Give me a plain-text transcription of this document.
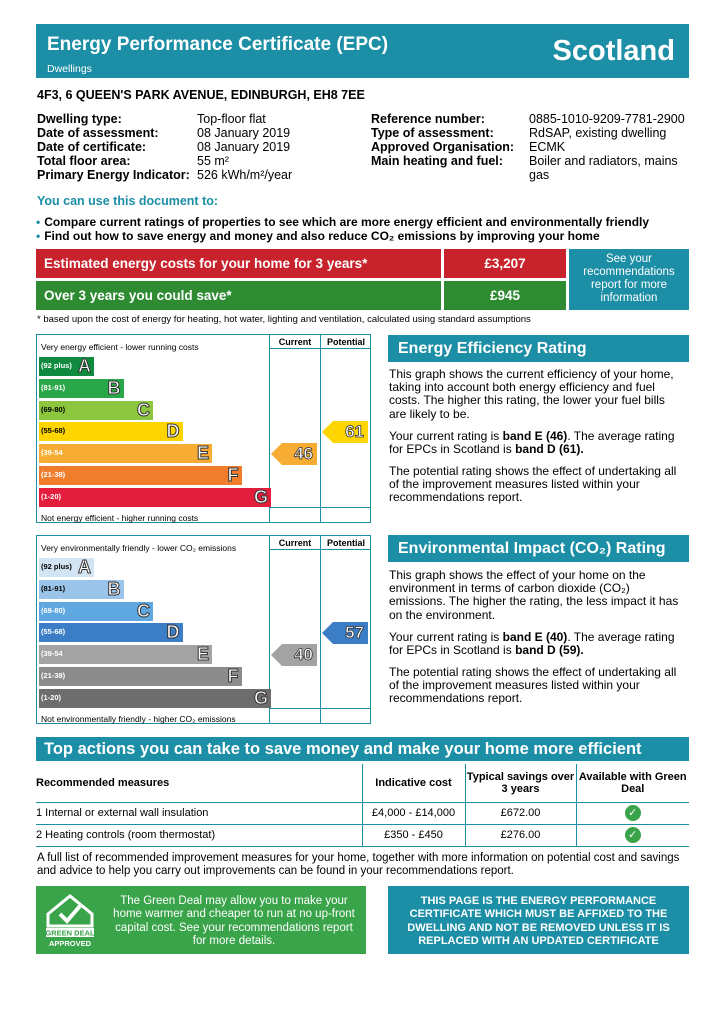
Energy Performance Certificate (EPC)
Dwellings
Scotland
4F3, 6 QUEEN'S PARK AVENUE, EDINBURGH, EH8 7EE
Dwelling type:	Top-floor flat
Date of assessment:	08 January 2019
Date of certificate:	08 January 2019
Total floor area:	55 m²
Primary Energy Indicator: 526 kWh/m²/year
Reference number:	0885-1010-9209-7781-2900
Type of assessment:	RdSAP, existing dwelling
Approved Organisation: ECMK
Main heating and fuel: Boiler and radiators, mains
gas
You can use this document to:
• Compare current ratings of properties to see which are more energy efficient and environmentally friendly
• Find out how to save energy and money and also reduce CO₂ emissions by improving your home
Estimated energy costs for your home for 3 years*	£3,207
Over 3 years you could save*	£945
See your recommendations report for more information
* based upon the cost of energy for heating, hot water, lighting and ventilation, calculated using standard assumptions
Current	Potential
Very energy efficient - lower running costs
Not energy efficient - higher running costs
(92 plus) A
(81-91) B
(69-80)	C
(55-68)	D
(39-54	E
(21-38)	F
(1-20)	G
46
61
Current	Potential
Very environmentally friendly - lower CO₂ emissions
Not environmentally friendly - higher CO₂ emissions
(92 plus) A
(81-91) B
(69-80)	C
(55-68)	D
(39-54	E
(21-38)	F
(1-20)	G
40
57
Energy Efficiency Rating
This graph shows the current efficiency of your home, taking into account both energy efficiency and fuel costs. The higher this rating, the lower your fuel bills are likely to be.
Your current rating is band E (46). The average rating for EPCs in Scotland is band D (61).
The potential rating shows the effect of undertaking all of the improvement measures listed within your recommendations report.
Environmental Impact (CO₂) Rating
This graph shows the effect of your home on the environment in terms of carbon dioxide (CO₂) emissions. The higher the rating, the less impact it has on the environment.
Your current rating is band E (40). The average rating for EPCs in Scotland is band D (59).
The potential rating shows the effect of undertaking all of the improvement measures listed within your recommendations report.
Top actions you can take to save money and make your home more efficient
Recommended measures	Indicative cost	Typical savings over 3 years	Available with Green Deal
1 Internal or external wall insulation	£4,000 - £14,000	£672.00	✓
2 Heating controls (room thermostat)	£350 - £450	£276.00	✓
A full list of recommended improvement measures for your home, together with more information on potential cost and savings and advice to help you carry out improvements can be found in your recommendations report.
GREEN DEAL
APPROVED
The Green Deal may allow you to make your home warmer and cheaper to run at no up-front capital cost. See your recommendations report for more details.
THIS PAGE IS THE ENERGY PERFORMANCE CERTIFICATE WHICH MUST BE AFFIXED TO THE DWELLING AND NOT BE REMOVED UNLESS IT IS REPLACED WITH AN UPDATED CERTIFICATE
